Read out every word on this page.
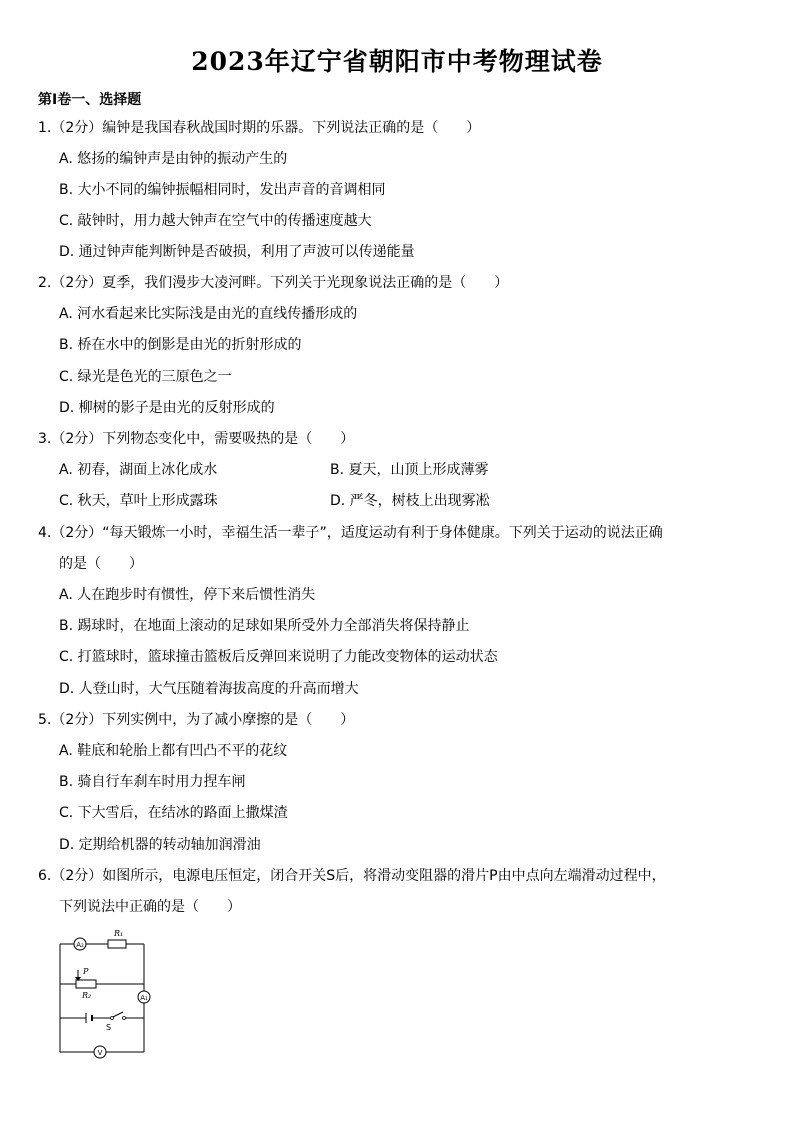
2023年辽宁省朝阳市中考物理试卷
第Ⅰ卷一、选择题
1.（2分）编钟是我国春秋战国时期的乐器。下列说法正确的是（　　）
A. 悠扬的编钟声是由钟的振动产生的
B. 大小不同的编钟振幅相同时，发出声音的音调相同
C. 敲钟时，用力越大钟声在空气中的传播速度越大
D. 通过钟声能判断钟是否破损，利用了声波可以传递能量
2.（2分）夏季，我们漫步大凌河畔。下列关于光现象说法正确的是（　　）
A. 河水看起来比实际浅是由光的直线传播形成的
B. 桥在水中的倒影是由光的折射形成的
C. 绿光是色光的三原色之一
D. 柳树的影子是由光的反射形成的
3.（2分）下列物态变化中，需要吸热的是（　　）
A. 初春，湖面上冰化成水	B. 夏天，山顶上形成薄雾
C. 秋天，草叶上形成露珠	D. 严冬，树枝上出现雾凇
4.（2分）“每天锻炼一小时，幸福生活一辈子”，适度运动有利于身体健康。下列关于运动的说法正确
的是（　　）
A. 人在跑步时有惯性，停下来后惯性消失
B. 踢球时，在地面上滚动的足球如果所受外力全部消失将保持静止
C. 打篮球时，篮球撞击篮板后反弹回来说明了力能改变物体的运动状态
D. 人登山时，大气压随着海拔高度的升高而增大
5.（2分）下列实例中，为了减小摩擦的是（　　）
A. 鞋底和轮胎上都有凹凸不平的花纹
B. 骑自行车刹车时用力捏车闸
C. 下大雪后，在结冰的路面上撒煤渣
D. 定期给机器的转动轴加润滑油
6.（2分）如图所示，电源电压恒定，闭合开关S后，将滑动变阻器的滑片P由中点向左端滑动过程中，
下列说法中正确的是（　　）
A₂
A₁
V
R₁
P
R₂
S
